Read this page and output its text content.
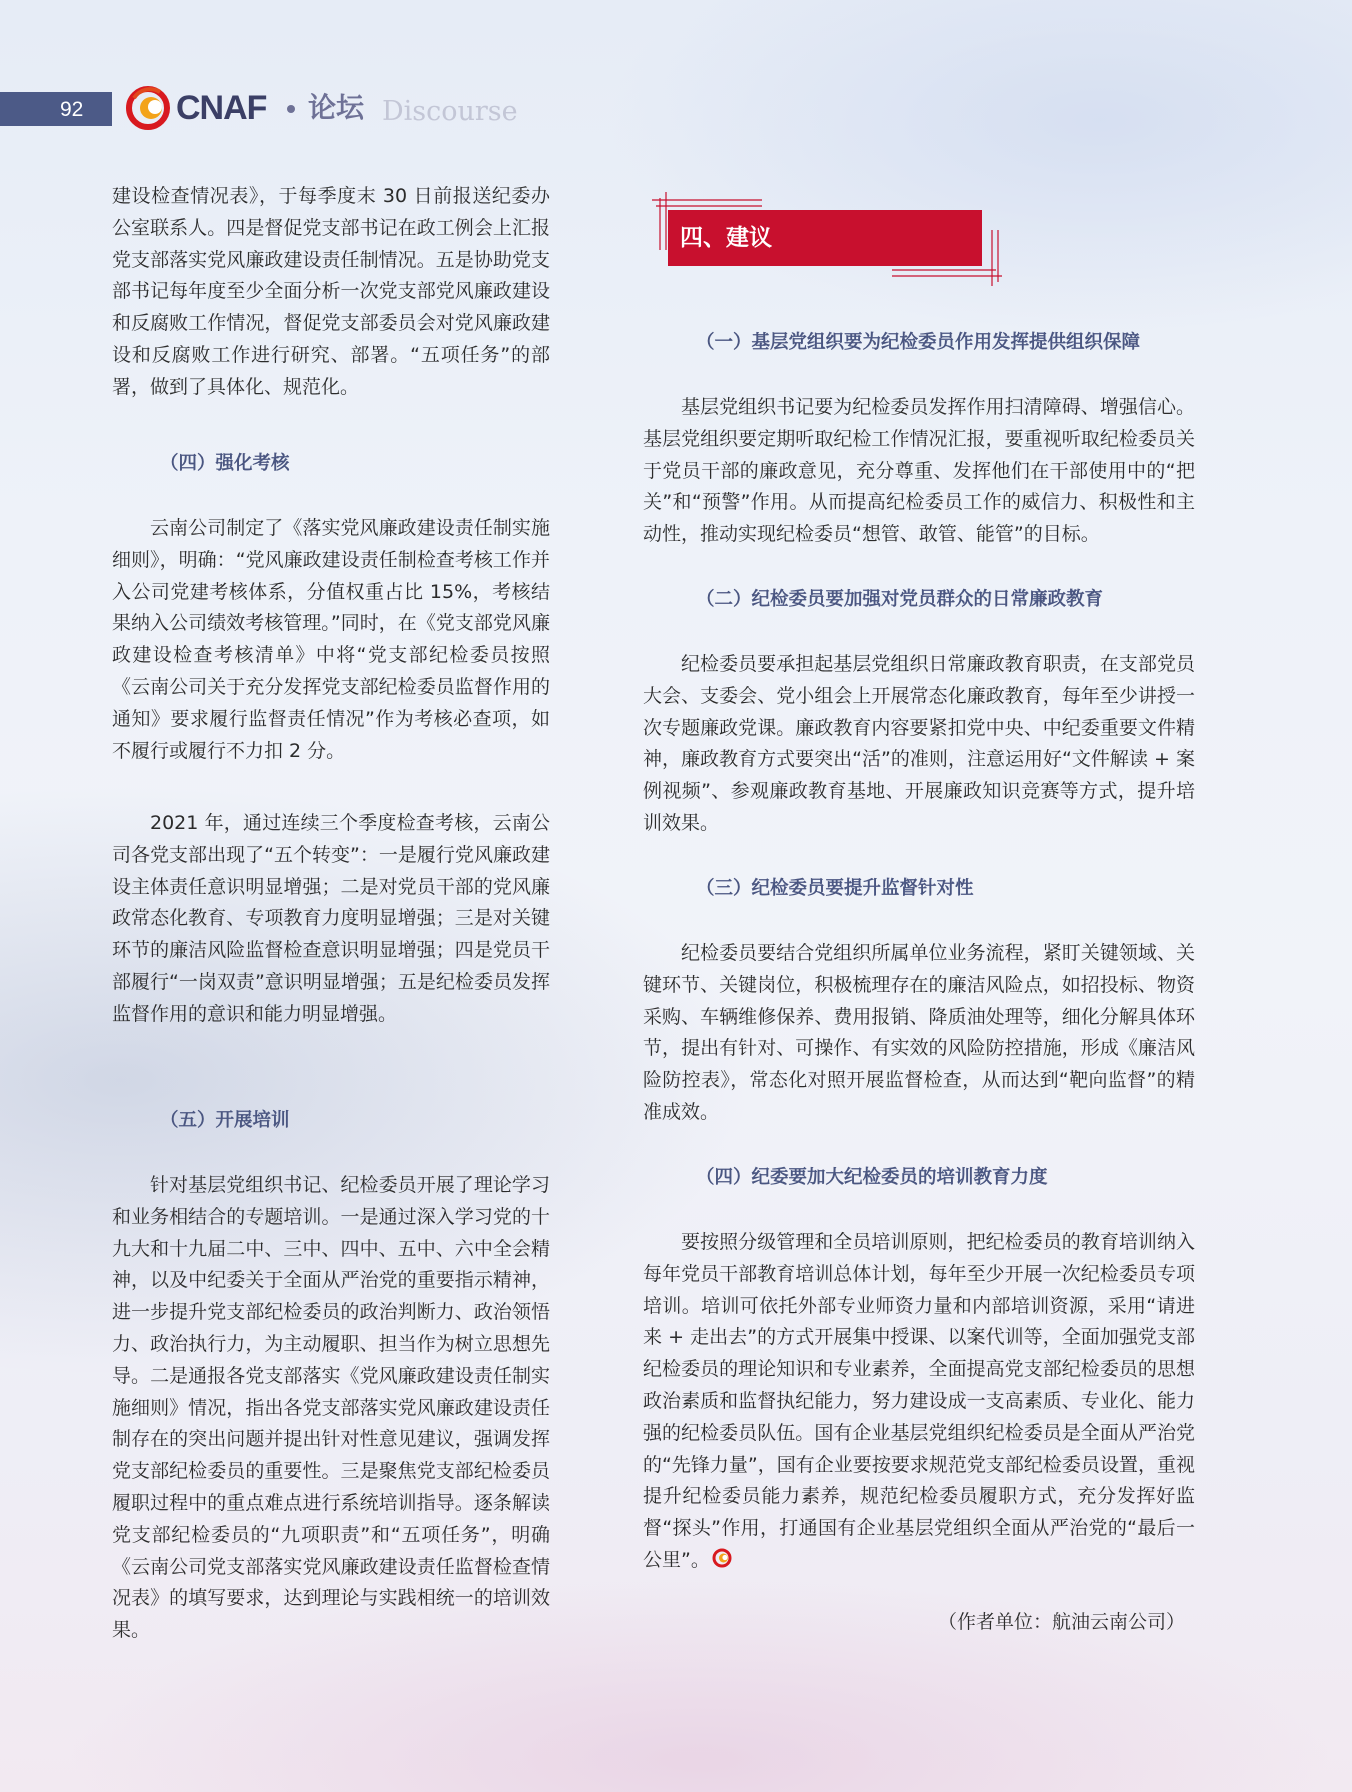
92	CNAF 论坛 Discourse

建设检查情况表》，于每季度末 30 日前报送纪委办公室联系人。四是督促党支部书记在政工例会上汇报党支部落实党风廉政建设责任制情况。五是协助党支部书记每年度至少全面分析一次党支部党风廉政建设和反腐败工作情况，督促党支部委员会对党风廉政建设和反腐败工作进行研究、部署。“五项任务”的部署，做到了具体化、规范化。

（四）强化考核

云南公司制定了《落实党风廉政建设责任制实施细则》，明确：“党风廉政建设责任制检查考核工作并入公司党建考核体系，分值权重占比 15%，考核结果纳入公司绩效考核管理。”同时，在《党支部党风廉政建设检查考核清单》中将“党支部纪检委员按照《云南公司关于充分发挥党支部纪检委员监督作用的通知》要求履行监督责任情况”作为考核必查项，如不履行或履行不力扣 2 分。

2021 年，通过连续三个季度检查考核，云南公司各党支部出现了“五个转变”：一是履行党风廉政建设主体责任意识明显增强；二是对党员干部的党风廉政常态化教育、专项教育力度明显增强；三是对关键环节的廉洁风险监督检查意识明显增强；四是党员干部履行“一岗双责”意识明显增强；五是纪检委员发挥监督作用的意识和能力明显增强。

（五）开展培训

针对基层党组织书记、纪检委员开展了理论学习和业务相结合的专题培训。一是通过深入学习党的十九大和十九届二中、三中、四中、五中、六中全会精神，以及中纪委关于全面从严治党的重要指示精神，进一步提升党支部纪检委员的政治判断力、政治领悟力、政治执行力，为主动履职、担当作为树立思想先导。二是通报各党支部落实《党风廉政建设责任制实施细则》情况，指出各党支部落实党风廉政建设责任制存在的突出问题并提出针对性意见建议，强调发挥党支部纪检委员的重要性。三是聚焦党支部纪检委员履职过程中的重点难点进行系统培训指导。逐条解读党支部纪检委员的“九项职责”和“五项任务”，明确《云南公司党支部落实党风廉政建设责任监督检查情况表》的填写要求，达到理论与实践相统一的培训效果。

四、建议
（一）基层党组织要为纪检委员作用发挥提供组织保障

基层党组织书记要为纪检委员发挥作用扫清障碍、增强信心。基层党组织要定期听取纪检工作情况汇报，要重视听取纪检委员关于党员干部的廉政意见，充分尊重、发挥他们在干部使用中的“把关”和“预警”作用。从而提高纪检委员工作的威信力、积极性和主动性，推动实现纪检委员“想管、敢管、能管”的目标。

（二）纪检委员要加强对党员群众的日常廉政教育

纪检委员要承担起基层党组织日常廉政教育职责，在支部党员大会、支委会、党小组会上开展常态化廉政教育，每年至少讲授一次专题廉政党课。廉政教育内容要紧扣党中央、中纪委重要文件精神，廉政教育方式要突出“活”的准则，注意运用好“文件解读 + 案例视频”、参观廉政教育基地、开展廉政知识竞赛等方式，提升培训效果。

（三）纪检委员要提升监督针对性

纪检委员要结合党组织所属单位业务流程，紧盯关键领域、关键环节、关键岗位，积极梳理存在的廉洁风险点，如招投标、物资采购、车辆维修保养、费用报销、降质油处理等，细化分解具体环节，提出有针对、可操作、有实效的风险防控措施，形成《廉洁风险防控表》，常态化对照开展监督检查，从而达到“靶向监督”的精准成效。

（四）纪委要加大纪检委员的培训教育力度

要按照分级管理和全员培训原则，把纪检委员的教育培训纳入每年党员干部教育培训总体计划，每年至少开展一次纪检委员专项培训。培训可依托外部专业师资力量和内部培训资源，采用“请进来 + 走出去”的方式开展集中授课、以案代训等，全面加强党支部纪检委员的理论知识和专业素养，全面提高党支部纪检委员的思想政治素质和监督执纪能力，努力建设成一支高素质、专业化、能力强的纪检委员队伍。国有企业基层党组织纪检委员是全面从严治党的“先锋力量”，国有企业要按要求规范党支部纪检委员设置，重视提升纪检委员能力素养，规范纪检委员履职方式，充分发挥好监督“探头”作用，打通国有企业基层党组织全面从严治党的“最后一公里”。

（作者单位：航油云南公司）
